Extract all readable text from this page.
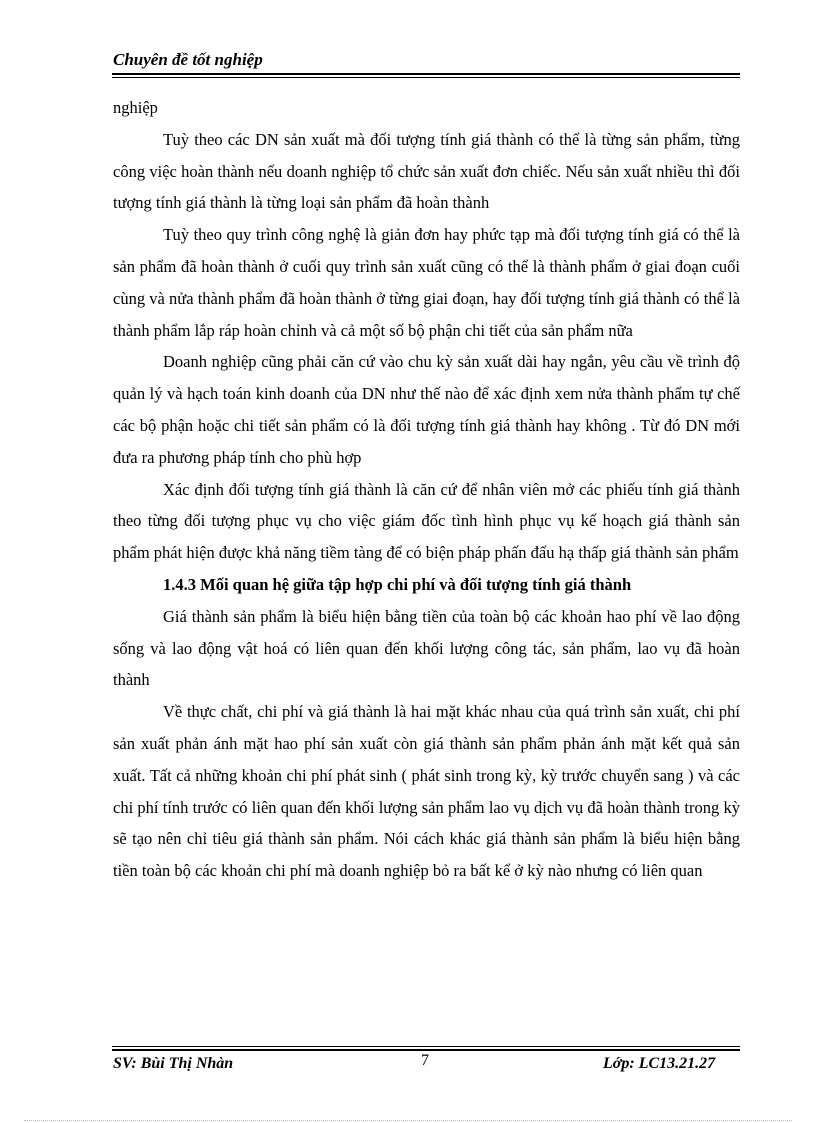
Chuyên đề tốt nghiệp

nghiệp

Tuỳ theo các DN sản xuất mà đối tượng tính giá thành có thể là từng sản phẩm, từng công việc hoàn thành nếu doanh nghiệp tổ chức sản xuất đơn chiếc. Nếu sản xuất nhiều thì đối tượng tính giá thành là từng loại sản phẩm đã hoàn thành

Tuỳ theo quy trình công nghệ là giản đơn hay phức tạp mà đối tượng tính giá có thể là sản phẩm đã hoàn thành ở cuối quy trình sản xuất cũng có thể là thành phẩm ở giai đoạn cuối cùng và nửa thành phẩm đã hoàn thành ở từng giai đoạn, hay đối tượng tính giá thành có thể là thành phẩm lắp ráp hoàn chỉnh và cả một số bộ phận chi tiết của sản phẩm nữa

Doanh nghiệp cũng phải căn cứ vào chu kỳ sản xuất dài hay ngắn, yêu cầu về trình độ quản lý và hạch toán kinh doanh của DN như thế nào để xác định xem nửa thành phẩm tự chế các bộ phận hoặc chi tiết sản phẩm có là đối tượng tính giá thành hay không . Từ đó DN mới đưa ra phương pháp tính cho phù hợp

Xác định đối tượng tính giá thành là căn cứ để nhân viên mở các phiếu tính giá thành theo từng đối tượng phục vụ cho việc giám đốc tình hình phục vụ kế hoạch giá thành sản phẩm phát hiện được khả năng tiềm tàng để có biện pháp phấn đấu hạ thấp giá thành sản phẩm

1.4.3 Mối quan hệ giữa tập hợp chi phí và đối tượng tính giá thành

Giá thành sản phẩm là biểu hiện bằng tiền của toàn bộ các khoản hao phí về lao động sống và lao động vật hoá có liên quan đến khối lượng công tác, sản phẩm, lao vụ đã hoàn thành

Về thực chất, chi phí và giá thành là hai mặt khác nhau của quá trình sản xuất, chi phí sản xuất phản ánh mặt hao phí sản xuất còn giá thành sản phẩm phản ánh mặt kết quả sản xuất. Tất cả những khoản chi phí phát sinh ( phát sinh trong kỳ, kỳ trước chuyển sang ) và các chi phí tính trước có liên quan đến khối lượng sản phẩm lao vụ dịch vụ đã hoàn thành trong kỳ sẽ tạo nên chỉ tiêu giá thành sản phẩm. Nói cách khác giá thành sản phẩm là biểu hiện bằng tiền toàn bộ các khoản chi phí mà doanh nghiệp bỏ ra bất kể ở kỳ nào nhưng có liên quan

SV: Bùi Thị Nhàn	7	Lớp: LC13.21.27
